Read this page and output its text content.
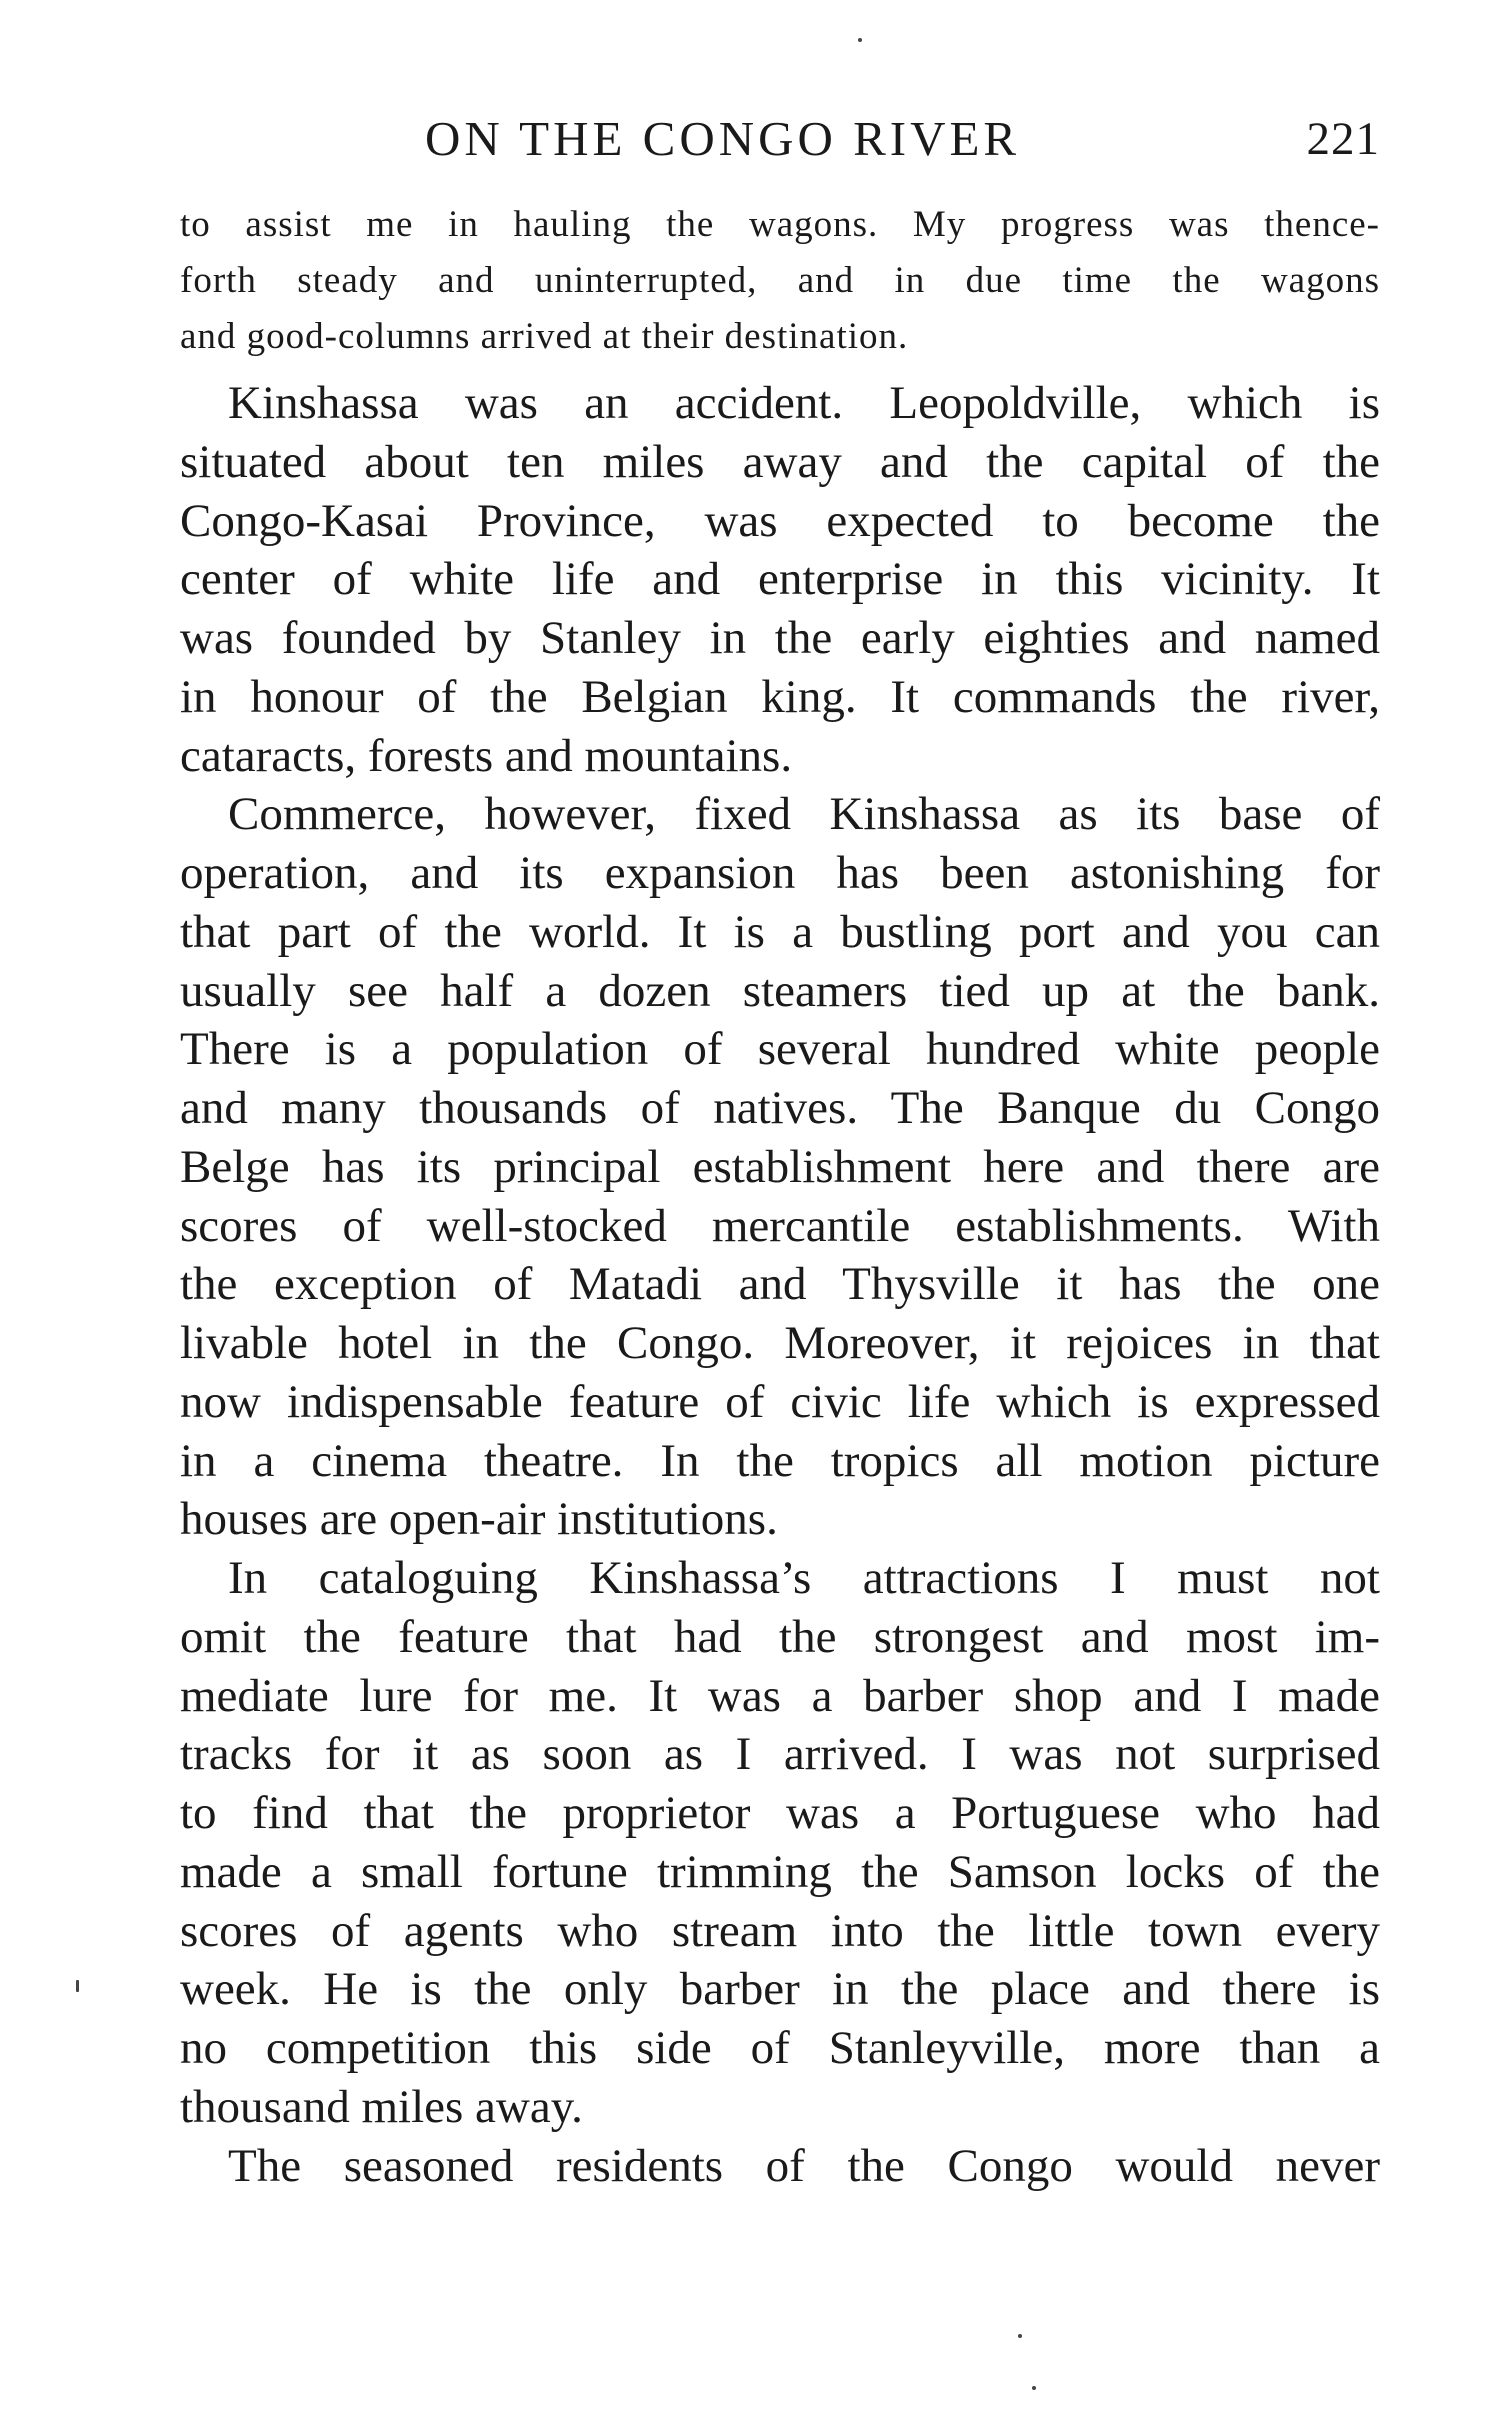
ON THE CONGO RIVER	221
to assist me in hauling the wagons. My progress was thence-
forth steady and uninterrupted, and in due time the wagons
and good-columns arrived at their destination.
Kinshassa was an accident. Leopoldville, which is
situated about ten miles away and the capital of the
Congo-Kasai Province, was expected to become the
center of white life and enterprise in this vicinity. It
was founded by Stanley in the early eighties and named
in honour of the Belgian king. It commands the river,
cataracts, forests and mountains.
Commerce, however, fixed Kinshassa as its base of
operation, and its expansion has been astonishing for
that part of the world. It is a bustling port and you can
usually see half a dozen steamers tied up at the bank.
There is a population of several hundred white people
and many thousands of natives. The Banque du Congo
Belge has its principal establishment here and there are
scores of well-stocked mercantile establishments. With
the exception of Matadi and Thysville it has the one
livable hotel in the Congo. Moreover, it rejoices in that
now indispensable feature of civic life which is expressed
in a cinema theatre. In the tropics all motion picture
houses are open-air institutions.
In cataloguing Kinshassa’s attractions I must not
omit the feature that had the strongest and most im-
mediate lure for me. It was a barber shop and I made
tracks for it as soon as I arrived. I was not surprised
to find that the proprietor was a Portuguese who had
made a small fortune trimming the Samson locks of the
scores of agents who stream into the little town every
week. He is the only barber in the place and there is
no competition this side of Stanleyville, more than a
thousand miles away.
The seasoned residents of the Congo would never
